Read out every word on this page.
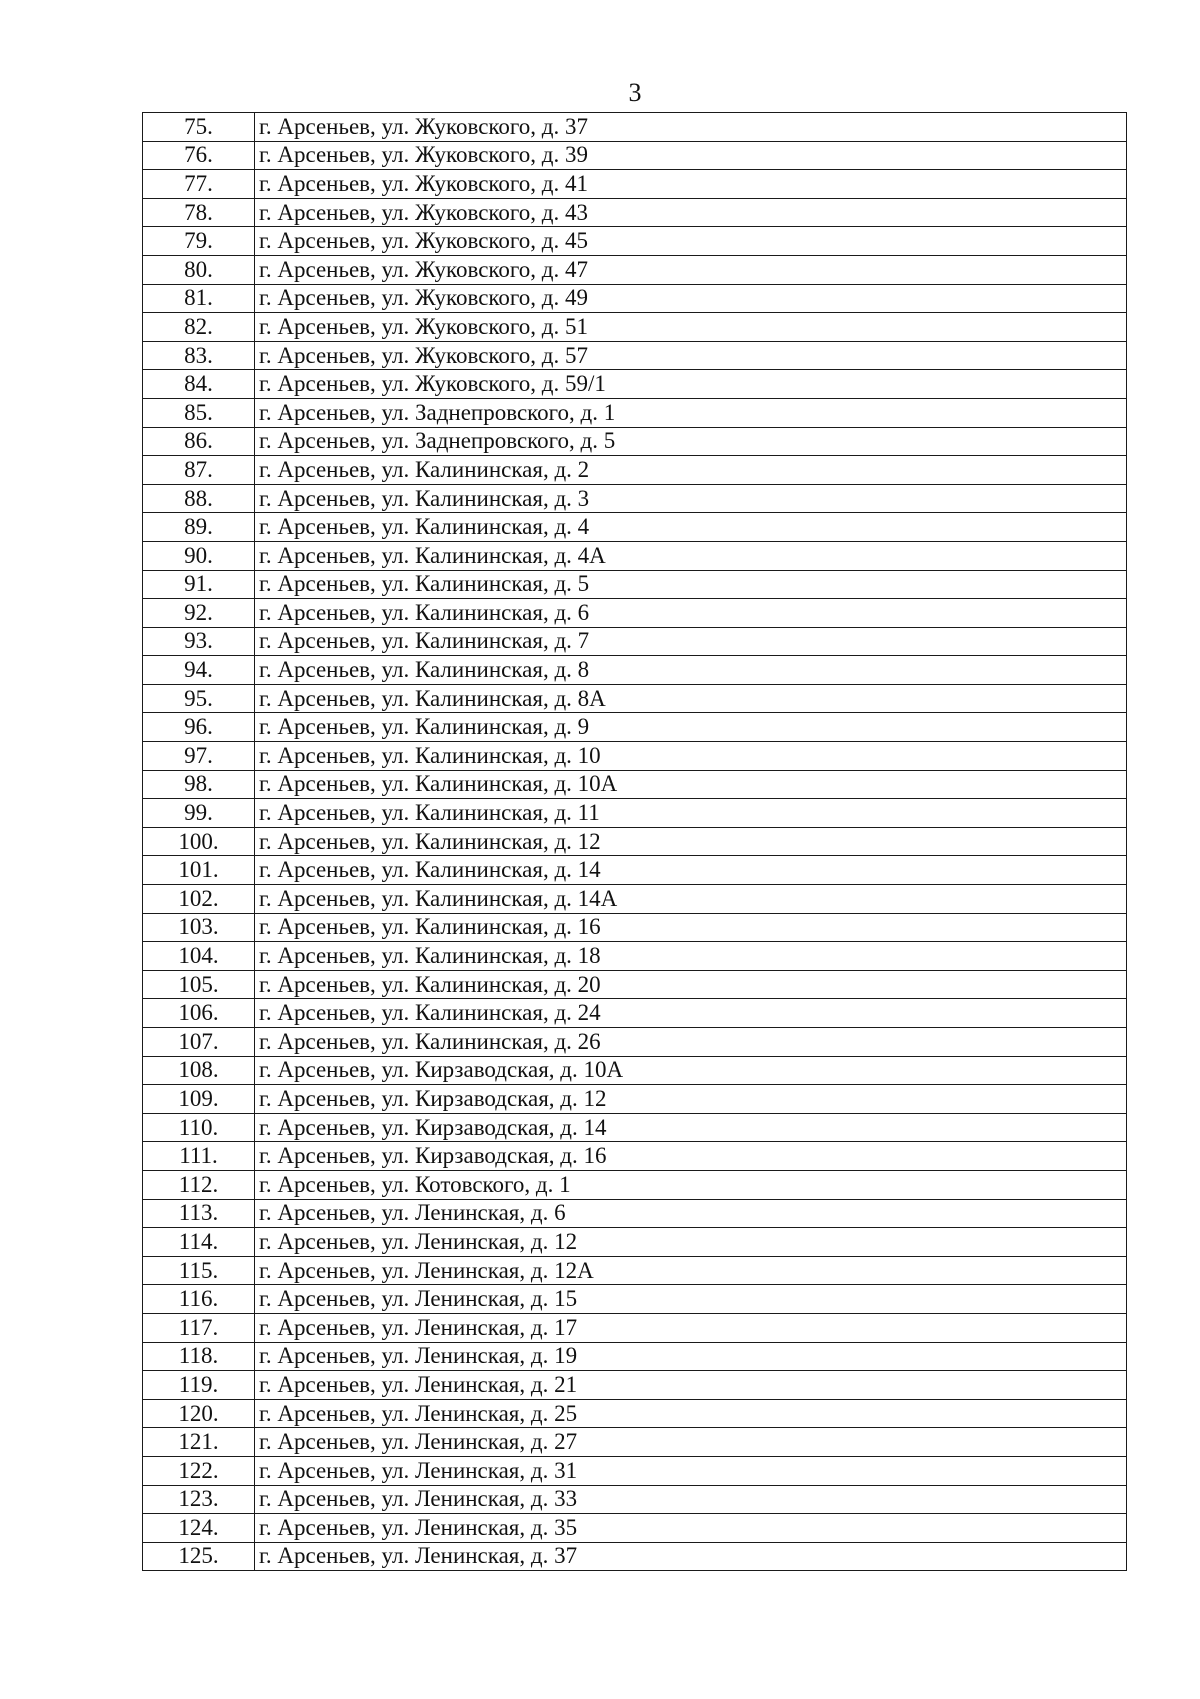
3
75.	г. Арсеньев, ул. Жуковского, д. 37
76.	г. Арсеньев, ул. Жуковского, д. 39
77.	г. Арсеньев, ул. Жуковского, д. 41
78.	г. Арсеньев, ул. Жуковского, д. 43
79.	г. Арсеньев, ул. Жуковского, д. 45
80.	г. Арсеньев, ул. Жуковского, д. 47
81.	г. Арсеньев, ул. Жуковского, д. 49
82.	г. Арсеньев, ул. Жуковского, д. 51
83.	г. Арсеньев, ул. Жуковского, д. 57
84.	г. Арсеньев, ул. Жуковского, д. 59/1
85.	г. Арсеньев, ул. Заднепровского, д. 1
86.	г. Арсеньев, ул. Заднепровского, д. 5
87.	г. Арсеньев, ул. Калининская, д. 2
88.	г. Арсеньев, ул. Калининская, д. 3
89.	г. Арсеньев, ул. Калининская, д. 4
90.	г. Арсеньев, ул. Калининская, д. 4А
91.	г. Арсеньев, ул. Калининская, д. 5
92.	г. Арсеньев, ул. Калининская, д. 6
93.	г. Арсеньев, ул. Калининская, д. 7
94.	г. Арсеньев, ул. Калининская, д. 8
95.	г. Арсеньев, ул. Калининская, д. 8А
96.	г. Арсеньев, ул. Калининская, д. 9
97.	г. Арсеньев, ул. Калининская, д. 10
98.	г. Арсеньев, ул. Калининская, д. 10А
99.	г. Арсеньев, ул. Калининская, д. 11
100.	г. Арсеньев, ул. Калининская, д. 12
101.	г. Арсеньев, ул. Калининская, д. 14
102.	г. Арсеньев, ул. Калининская, д. 14А
103.	г. Арсеньев, ул. Калининская, д. 16
104.	г. Арсеньев, ул. Калининская, д. 18
105.	г. Арсеньев, ул. Калининская, д. 20
106.	г. Арсеньев, ул. Калининская, д. 24
107.	г. Арсеньев, ул. Калининская, д. 26
108.	г. Арсеньев, ул. Кирзаводская, д. 10А
109.	г. Арсеньев, ул. Кирзаводская, д. 12
110.	г. Арсеньев, ул. Кирзаводская, д. 14
111.	г. Арсеньев, ул. Кирзаводская, д. 16
112.	г. Арсеньев, ул. Котовского, д. 1
113.	г. Арсеньев, ул. Ленинская, д. 6
114.	г. Арсеньев, ул. Ленинская, д. 12
115.	г. Арсеньев, ул. Ленинская, д. 12А
116.	г. Арсеньев, ул. Ленинская, д. 15
117.	г. Арсеньев, ул. Ленинская, д. 17
118.	г. Арсеньев, ул. Ленинская, д. 19
119.	г. Арсеньев, ул. Ленинская, д. 21
120.	г. Арсеньев, ул. Ленинская, д. 25
121.	г. Арсеньев, ул. Ленинская, д. 27
122.	г. Арсеньев, ул. Ленинская, д. 31
123.	г. Арсеньев, ул. Ленинская, д. 33
124.	г. Арсеньев, ул. Ленинская, д. 35
125.	г. Арсеньев, ул. Ленинская, д. 37
